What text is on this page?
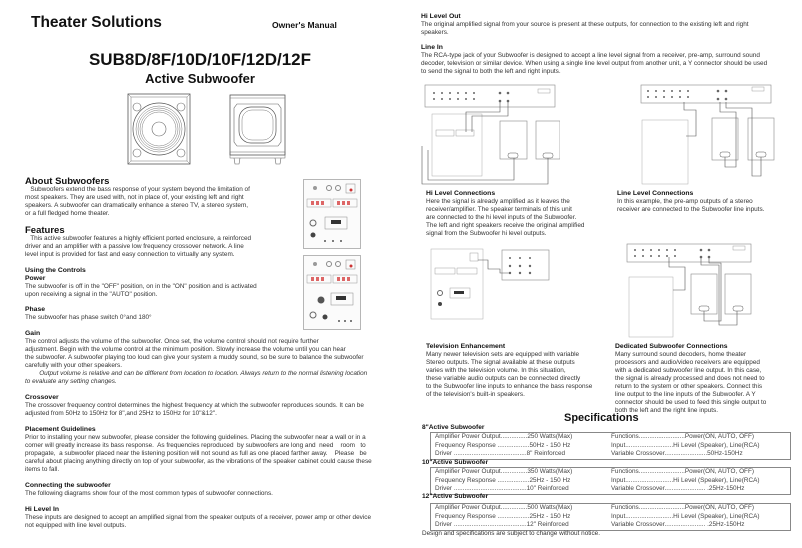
Theater Solutions	Owner's Manual
SUB8D/8F/10D/10F/12D/12F
Active Subwoofer
About Subwoofers
Subwoofers extend the bass response of your system beyond the limitation of
most speakers. They are used with, not in place of, your existing left and right
speakers. A subwoofer can dramatically enhance a stereo TV, a stereo system,
or a full fledged home theater.
Features
This active subwoofer features a highly efficient ported enclosure, a reinforced
driver and an amplifier with a passive low frequency crossover network. A line
level input is provided for fast and easy connection to virtually any system.
Using the Controls
Power
The subwoofer is off in the "OFF" position, on in the "ON" position and is activated
upon receiving a signal in the "AUTO" position.
Phase
The subwoofer has phase switch 0°and 180°
Gain
The control adjusts the volume of the subwoofer. Once set, the volume control should not require further
adjustment. Begin with the volume control at the minimum position. Slowly increase the volume until you can hear
the subwoofer. A subwoofer playing too loud can give your system a muddy sound, so be sure to balance the subwoofer
carefully with your other speakers.
Output volume is relative and can be different from location to location. Always return to the normal listening location
to evaluate any setting changes.
Crossover
The crossover frequency control determines the highest frequency at which the subwoofer reproduces sounds. It can be
adjusted from 50Hz to 150Hz for 8",and 25Hz to 150Hz for 10"&12".
Placement Guidelines
Prior to installing your new subwoofer, please consider the following guidelines. Placing the subwoofer near a wall or in a
corner will greatly increase its bass response.  As frequencies reproduced  by subwoofers are long and  need    room   to
propagate,  a subwoofer placed near the listening position will not sound as full as one placed farther away.    Please   be
careful about placing anything directly on top of your subwoofer, as the vibrations of the speaker cabinet could cause these
items to fall.
Connecting the subwoofer
The following diagrams show four of the most common types of subwoofer connections.
Hi Level In
These inputs are designed to accept an amplified signal from the speaker outputs of a receiver, power amp or other device
not equipped with line level outputs.
Hi Level Out
The original amplified signal from your source is present at these outputs, for connection to the existing left and right
speakers.
Line In
The RCA-type jack of your Subwoofer is designed to accept a line level signal from a receiver, pre-amp, surround sound
decoder, television or similar device. When using a single line level output from another unit, a Y connector should be used
to send the signal to both the left and right inputs.
Hi Level Connections
Here the signal is already amplified as it leaves the
receiver/amplifier. The speaker terminals of this unit
are connected to the hi level inputs of the Subwoofer.
The left and right speakers receive the original amplified
signal from the Subwoofer hi level outputs.
Line Level Connections
In this example, the pre-amp outputs of a stereo
receiver are connected to the Subwoofer line inputs.
Television Enhancement
Many newer television sets are equipped with variable
Stereo outputs. The signal available at these outputs
varies with the television volume. In this situation,
these variable audio outputs can be connected directly
to the Subwoofer line inputs to enhance the bass response
of the television's built-in speakers.
Dedicated Subwoofer Connections
Many surround sound decoders, home theater
processors and audio/video receivers are equipped
with a dedicated subwoofer line output. In this case,
the signal is already processed and does not need to
return to the system or other speakers. Connect this
line output to the line inputs of the Subwoofer. A Y
connector should be used to feed this single output to
both the left and the right line inputs.
Specifications
8"Active Subwoofer
Amplifier Power Output...............250 Watts(Max)
Frequency Response ..................50Hz - 150 Hz
Driver .........................................8" Reinforced
Functions..........................Power(ON, AUTO, OFF)
Input...........................Hi Level (Speaker), Line(RCA)
Variable Crossover........................50Hz-150Hz
10"Active Subwoofer
Amplifier Power Output...............350 Watts(Max)
Frequency Response ..................25Hz - 150 Hz
Driver .........................................10" Reinforced
Functions..........................Power(ON, AUTO, OFF)
Input...........................Hi Level (Speaker), Line(RCA)
Variable Crossover....................... .25Hz-150Hz
12"Active Subwoofer
Amplifier Power Output...............500 Watts(Max)
Frequency Response ..................25Hz - 150 Hz
Driver .........................................12" Reinforced
Functions..........................Power(ON, AUTO, OFF)
Input...........................Hi Level (Speaker), Line(RCA)
Variable Crossover....................... .25Hz-150Hz
Design and specifications are subject to change without notice.
